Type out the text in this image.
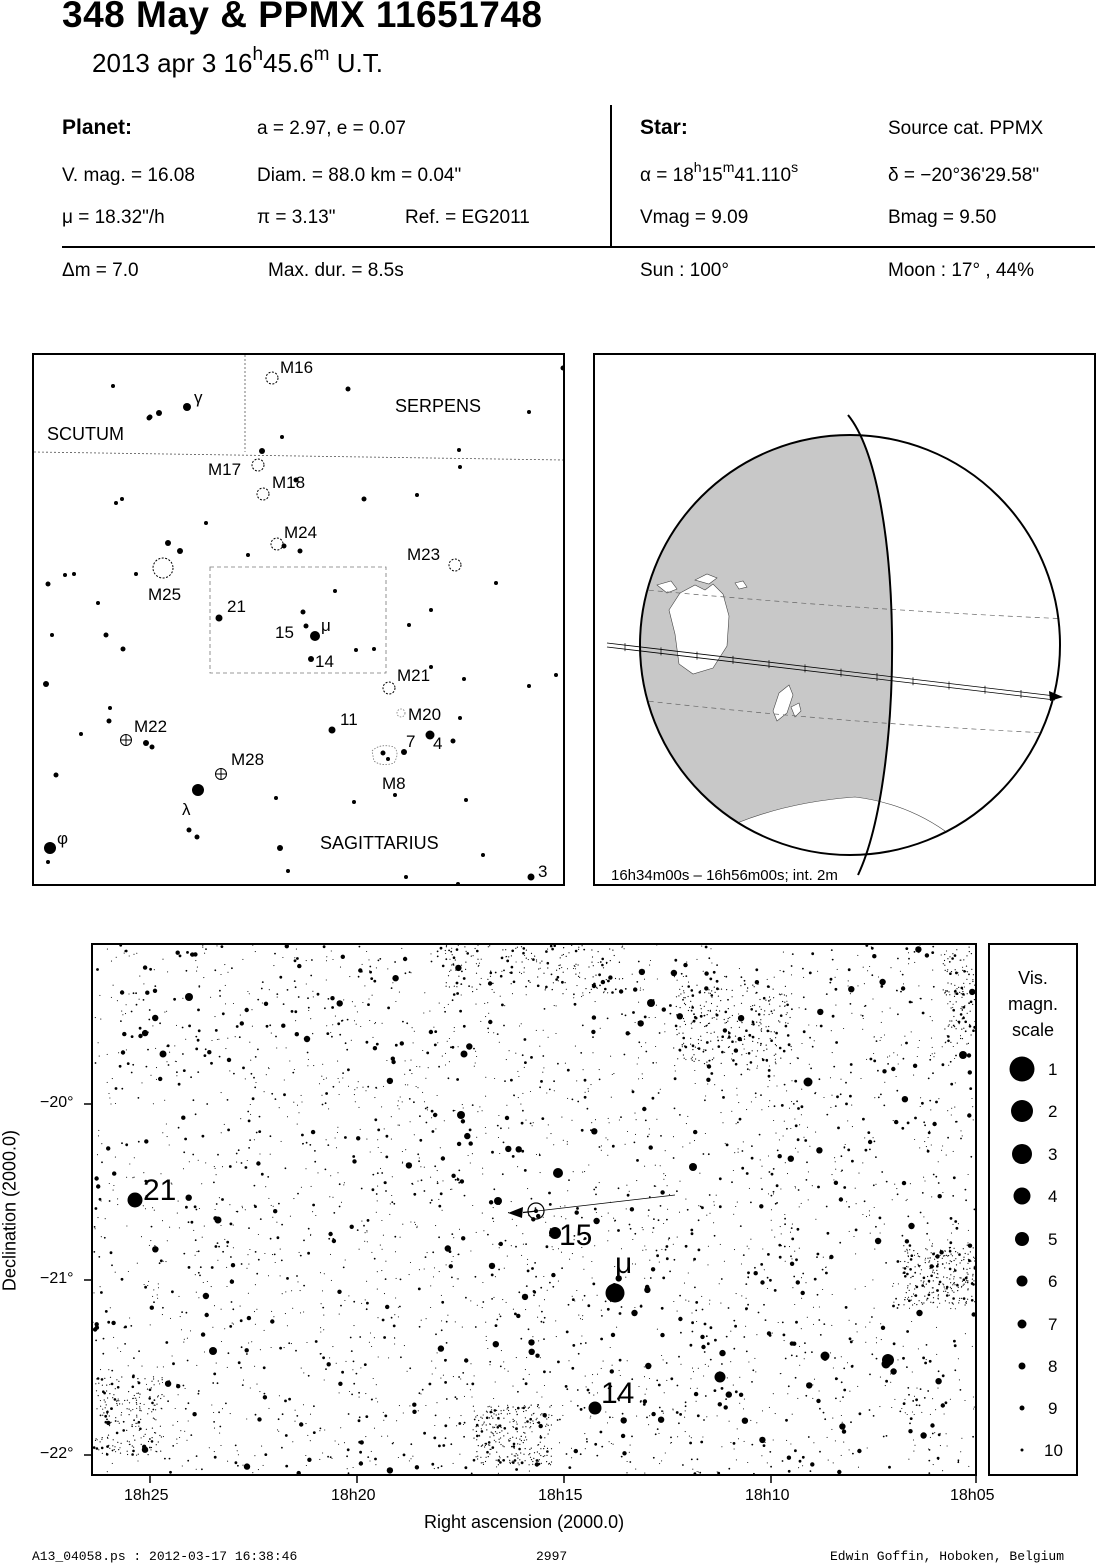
348 May & PPMX 11651748
2013 apr 3 16$^h$45.6$^m$ U.T.
Planet:	a = 2.97, e = 0.07
V. mag. = 16.08	Diam. = 88.0 km = 0.04"
μ = 18.32"/h	π = 3.13"	Ref. = EG2011
Star:	Source cat. PPMX
$\alpha = 18^h15^m41.110^s$	δ = −20°36'29.58"
Vmag = 9.09	Bmag = 9.50
Δm = 7.0	Max. dur. = 8.5s	Sun : 100°	Moon : 17° , 44%
SCUTUM
SERPENS
SAGITTARIUS
M16
γ
M17
M18
M24
M23
M25
21
15 μ
14
M21
M22
M20
11
7 4
M28
M8
λ
φ
3	16h34m00s – 16h56m00s; int. 2m
21
15
μ
14
−20°
−21°
−22°
18h25	18h20	18h15	18h10	18h05
Right ascension (2000.0)
Declination (2000.0)
Vis.
magn.
scale
1
2
3
4
5
6
7
8
9
10
A13_04058.ps : 2012-03-17 16:38:46	2997	Edwin Goffin, Hoboken, Belgium
